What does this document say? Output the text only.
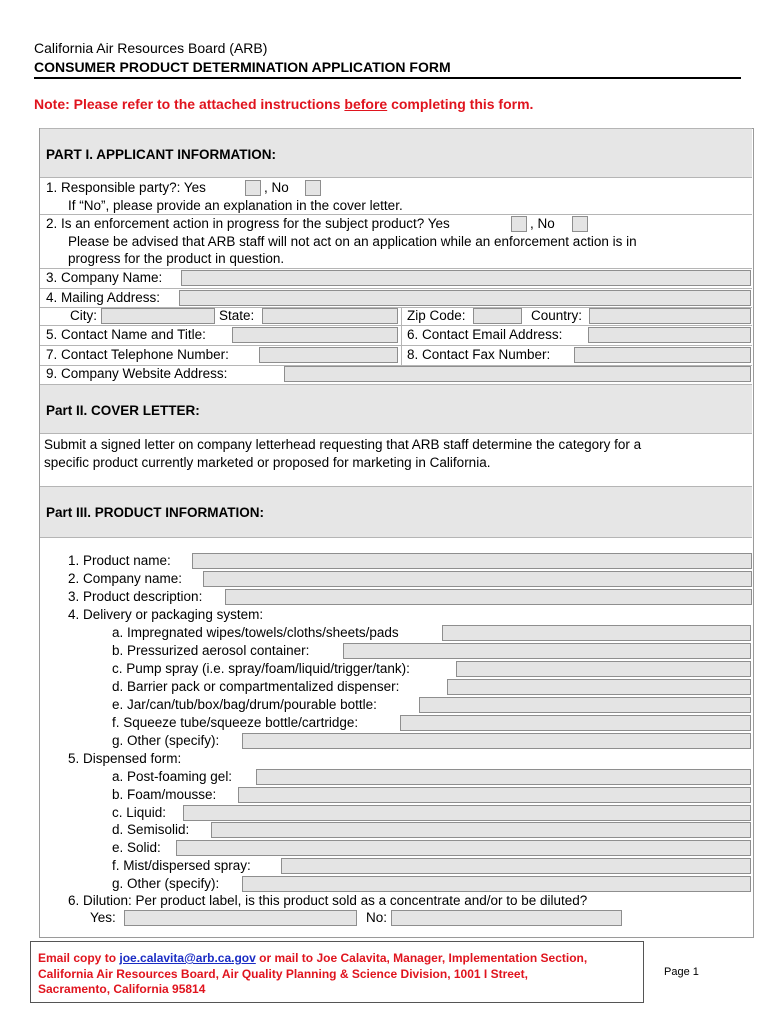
California Air Resources Board (ARB)
CONSUMER PRODUCT DETERMINATION APPLICATION FORM
Note: Please refer to the attached instructions before completing this form.
PART I. APPLICANT INFORMATION:
1. Responsible party?: Yes	, No
If “No”, please provide an explanation in the cover letter.
2. Is an enforcement action in progress for the subject product? Yes	, No
Please be advised that ARB staff will not act on an application while an enforcement action is in
progress for the product in question.
3. Company Name:
4. Mailing Address:
City:	State:	Zip Code:	Country:
5. Contact Name and Title:	6. Contact Email Address:
7. Contact Telephone Number:	8. Contact Fax Number:
9. Company Website Address:
Part II. COVER LETTER:
Submit a signed letter on company letterhead requesting that ARB staff determine the category for a
specific product currently marketed or proposed for marketing in California.
Part III. PRODUCT INFORMATION:
1. Product name:
2. Company name:
3. Product description:
4. Delivery or packaging system:
a. Impregnated wipes/towels/cloths/sheets/pads
b. Pressurized aerosol container:
c. Pump spray (i.e. spray/foam/liquid/trigger/tank):
d. Barrier pack or compartmentalized dispenser:
e. Jar/can/tub/box/bag/drum/pourable bottle:
f. Squeeze tube/squeeze bottle/cartridge:
g. Other (specify):
5. Dispensed form:
a. Post-foaming gel:
b. Foam/mousse:
c. Liquid:
d. Semisolid:
e. Solid:
f. Mist/dispersed spray:
g. Other (specify):
6. Dilution: Per product label, is this product sold as a concentrate and/or to be diluted?
Yes:	No:
Email copy to joe.calavita@arb.ca.gov or mail to Joe Calavita, Manager, Implementation Section,
California Air Resources Board, Air Quality Planning & Science Division, 1001 I Street,
Sacramento, California 95814
Page 1
